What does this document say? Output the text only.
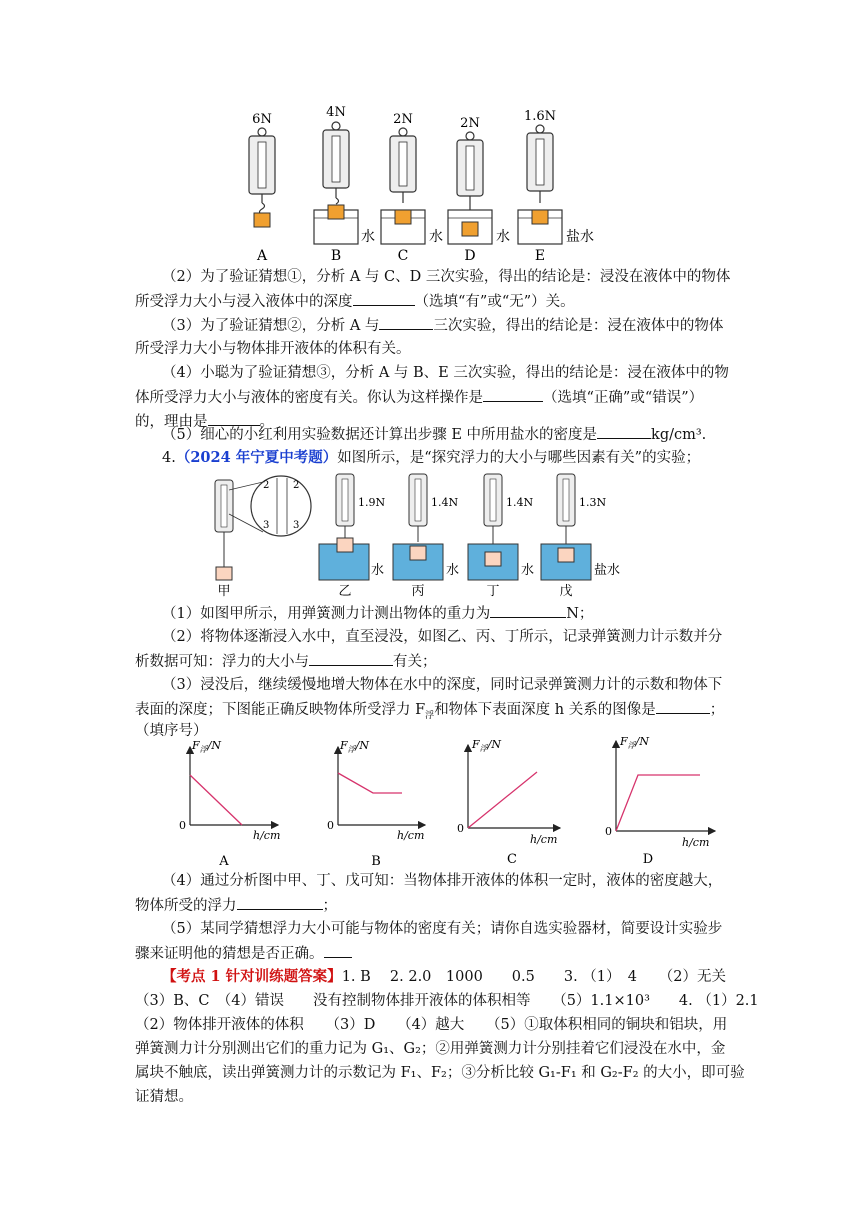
6N
A
4N
B
水
2N
C
水
2N
D
水
1.6N
E
盐水
（2）为了验证猜想①，分析 A 与 C、D 三次实验，得出的结论是：浸没在液体中的物体
所受浮力大小与浸入液体中的深度	（选填“有”或“无”）关。
（3）为了验证猜想②，分析 A 与	三次实验，得出的结论是：浸在液体中的物体
所受浮力大小与物体排开液体的体积有关。
（4）小聪为了验证猜想③，分析 A 与 B、E 三次实验，得出的结论是：浸在液体中的物
体所受浮力大小与液体的密度有关。你认为这样操作是	（选填“正确”或“错误”）
的，理由是	。
（5）细心的小红利用实验数据还计算出步骤 E 中所用盐水的密度是	kg/cm³.
4.（2024 年宁夏中考题）如图所示，是“探究浮力的大小与哪些因素有关”的实验；
2 2
3 3
甲
1.9N
乙
水
1.4N
丙
水
1.4N
丁
水
1.3N
戊
盐水
（1）如图甲所示，用弹簧测力计测出物体的重力为	N；
（2）将物体逐渐浸入水中，直至浸没，如图乙、丙、丁所示，记录弹簧测力计示数并分
析数据可知：浮力的大小与	有关；
（3）浸没后，继续缓慢地增大物体在水中的深度，同时记录弹簧测力计的示数和物体下
表面的深度；下图能正确反映物体所受浮力 $F_浮$和物体下表面深度 h 关系的图像是	；
（填序号）
$F_浮/N$
0
h/cm
A
$F_浮/N$
0
h/cm
B
$F_浮/N$
0
h/cm
C
$F_浮/N$
0
h/cm
D
（4）通过分析图中甲、丁、戊可知：当物体排开液体的体积一定时，液体的密度越大，
物体所受的浮力	；
（5）某同学猜想浮力大小可能与物体的密度有关；请你自选实验器材，简要设计实验步
骤来证明他的猜想是否正确。
【考点 1 针对训练题答案】1. B　 2. 2.0　1000　　0.5　　3. （1）　4　　（2）无关
（3）B、C　（4）错误　　没有控制物体排开液体的体积相等　　（5）1.1×10³　　4. （1）2.1
（2）物体排开液体的体积　　（3）D　　（4）越大　　（5）①取体积相同的铜块和铝块，用
弹簧测力计分别测出它们的重力记为 G₁、G₂；②用弹簧测力计分别挂着它们浸没在水中，金
属块不触底，读出弹簧测力计的示数记为 F₁、F₂；③分析比较 G₁-F₁ 和 G₂-F₂ 的大小，即可验
证猜想。
